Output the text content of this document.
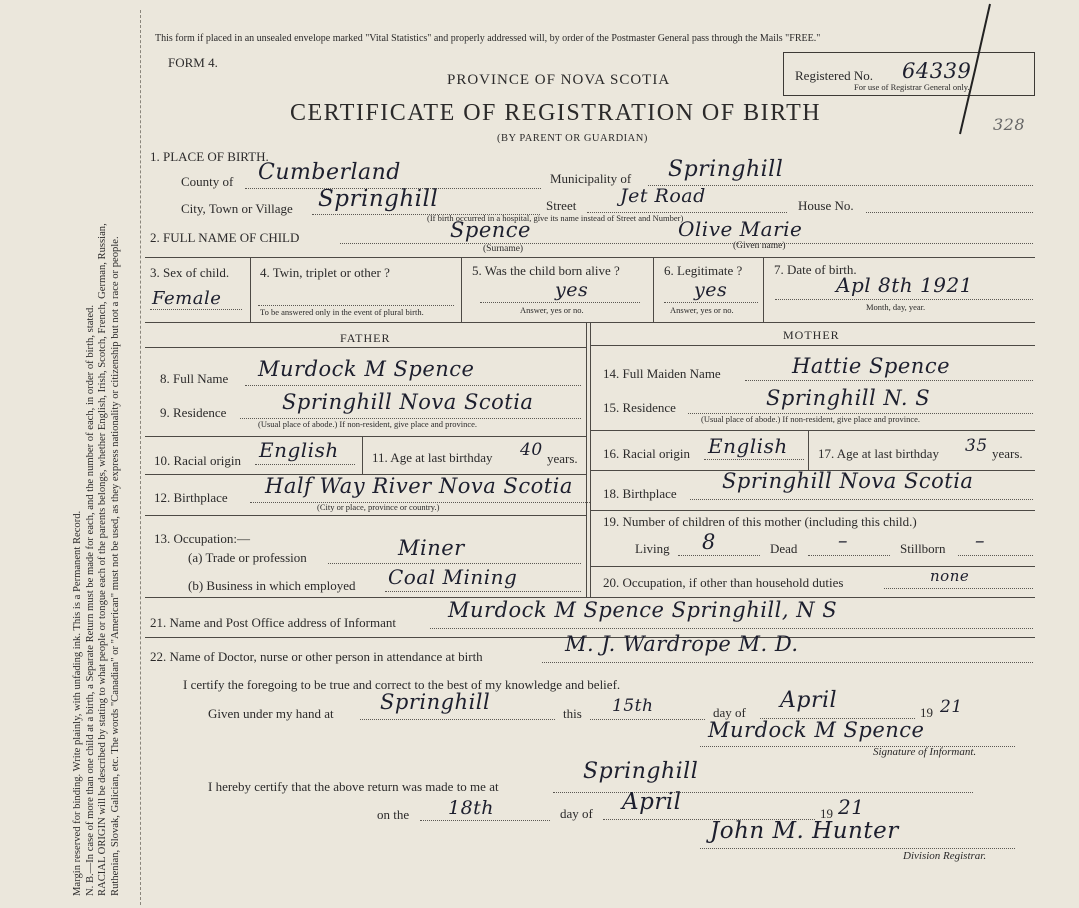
Margin reserved for binding. Write plainly, with unfading ink. This is a Permanent Record. N. B.—In case of more than one child at a birth, a Separate Return must be made for each, and the number of each, in order of birth, stated. RACIAL ORIGIN will be described by stating to what people or tongue each of the parents belongs, whether English, Irish, Scotch, French, German, Russian, Ruthenian, Slovak, Galician, etc. The words "Canadian" or "American" must not be used, as they express nationality or citizenship but not a race or people.
This form if placed in an unsealed envelope marked "Vital Statistics" and properly addressed will, by order of the Postmaster General pass through the Mails "FREE."
FORM 4.
PROVINCE OF NOVA SCOTIA
CERTIFICATE OF REGISTRATION OF BIRTH
(BY PARENT OR GUARDIAN)
Registered No. 64339
For use of Registrar General only.
328
1. PLACE OF BIRTH.
County of Cumberland	Municipality of Springhill
City, Town or Village Springhill	Street Jet Road	House No.
(If birth occurred in a hospital, give its name instead of Street and Number)
2. FULL NAME OF CHILD	Spence
(Surname)
Olive Marie
(Given name)
3. Sex of child.
Female
4. Twin, triplet or other ?
To be answered only in the event of plural birth.
5. Was the child born alive ?
yes
Answer, yes or no.
6. Legitimate ?
yes
Answer, yes or no.
7. Date of birth.
Apl 8th 1921
Month, day, year.
FATHER	MOTHER
8. Full Name Murdock M Spence
9. Residence	Springhill Nova Scotia
(Usual place of abode.) If non-resident, give place and province.
10. Racial origin English	11. Age at last birthday 40 years.
12. Birthplace Half Way River Nova Scotia
(City or place, province or country.)
13. Occupation:—
(a) Trade or profession	Miner
(b) Business in which employed Coal Mining
14. Full Maiden Name	Hattie Spence
15. Residence	Springhill N. S
(Usual place of abode.) If non-resident, give place and province.
16. Racial origin English 17. Age at last birthday 35 years.
18. Birthplace
Springhill Nova Scotia
19. Number of children of this mother (including this child.)
Living 8	Dead –	Stillborn –
20. Occupation, if other than household duties	none
21. Name and Post Office address of Informant
Murdock M Spence Springhill, N S
22. Name of Doctor, nurse or other person in attendance at birth
M. J. Wardrope M. D.
I certify the foregoing to be true and correct to the best of my knowledge and belief.
Given under my hand at Springhill	this 15th	day of April	19 21
Murdock M Spence
Signature of Informant.
I hereby certify that the above return was made to me at
Springhill
on the 18th	day of April	19 21
John M. Hunter
Division Registrar.
